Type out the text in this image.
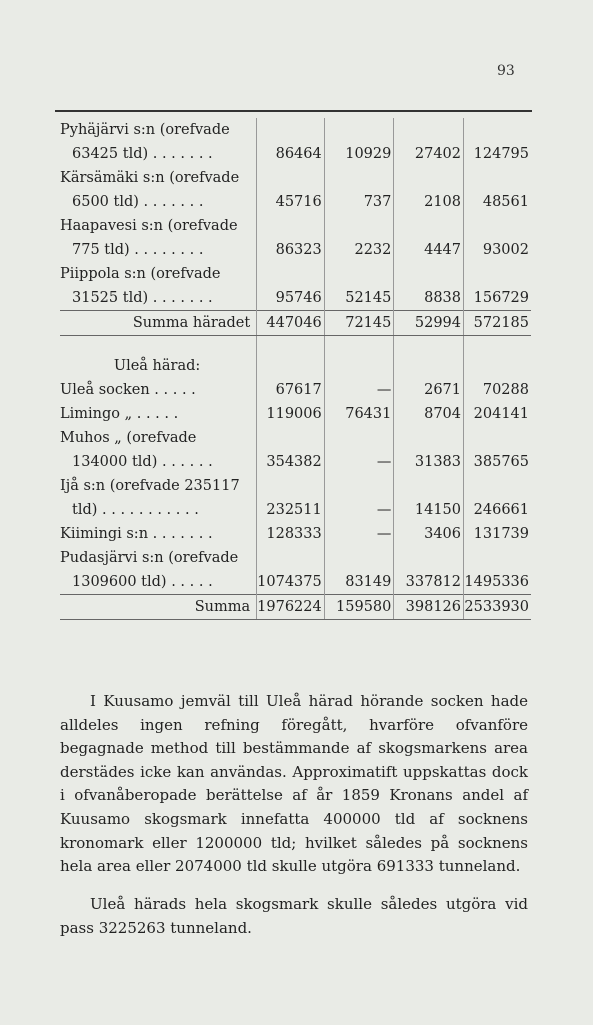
93
Pyhäjärvi s:n (orefvade				
63425 tld) . . . . . . .	86464	10929	27402	124795
Kärsämäki s:n (orefvade				
6500 tld) . . . . . . .	45716	737	2108	48561
Haapavesi s:n (orefvade				
775 tld) . . . . . . . .	86323	2232	4447	93002
Piippola s:n (orefvade				
31525 tld) . . . . . . .	95746	52145	8838	156729
Summa häradet	447046	72145	52994	572185

Uleå härad:				
Uleå socken . . . . .	67617	—	2671	70288
Limingo „ . . . . .	119006	76431	8704	204141
Muhos „ (orefvade				
134000 tld) . . . . . .	354382	—	31383	385765
Ijå s:n (orefvade 235117				
tld) . . . . . . . . . . .	232511	—	14150	246661
Kiimingi s:n . . . . . . .	128333	—	3406	131739
Pudasjärvi s:n (orefvade				
1309600 tld) . . . . .	1074375	83149	337812	1495336
Summa	1976224	159580	398126	2533930

I Kuusamo jemväl till Uleå härad hörande socken hade alldeles ingen refning föregått, hvarföre ofvanföre begagnade method till bestämmande af skogsmarkens area derstädes icke kan användas. Approximatift uppskattas dock i ofvanåberopade berättelse af år 1859 Kronans andel af Kuusamo skogsmark innefatta 400000 tld af socknens kronomark eller 1200000 tld; hvilket således på socknens hela area eller 2074000 tld skulle utgöra 691333 tunneland.

Uleå härads hela skogsmark skulle således utgöra vid pass 3225263 tunneland.
